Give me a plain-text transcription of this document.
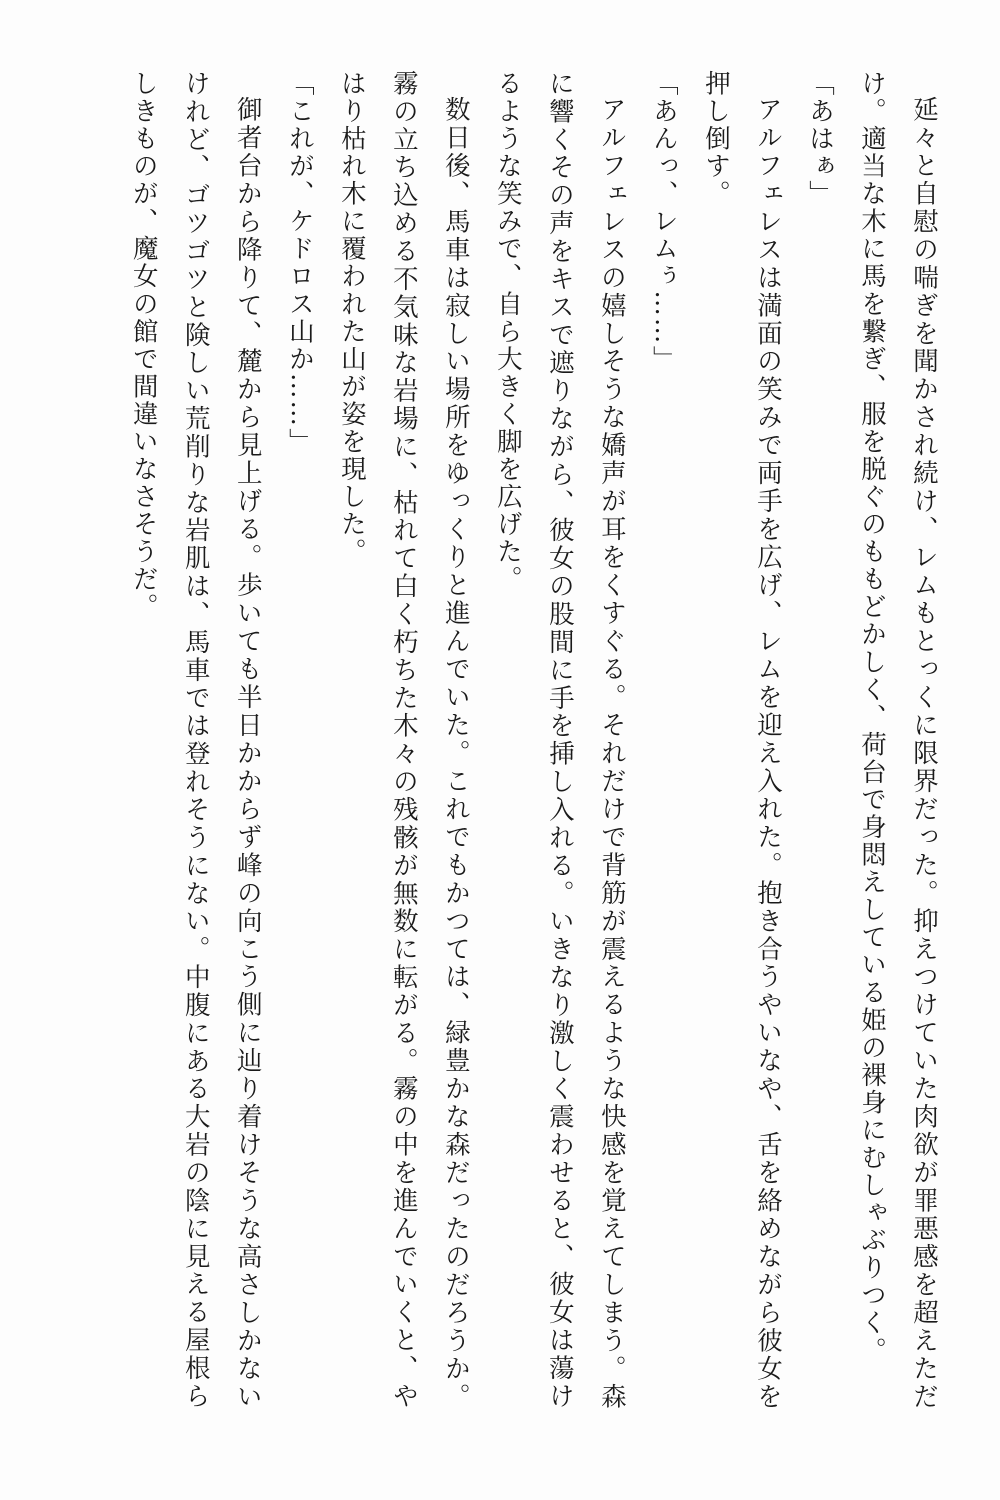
延々と自慰の喘ぎを聞かされ続け、レムもとっくに限界だった。抑えつけていた肉欲が罪悪感を超えただけ。適当な木に馬を繋ぎ、服を脱ぐのももどかしく、荷台で身悶えしている姫の裸身にむしゃぶりつく。

「あはぁ」

アルフェレスは満面の笑みで両手を広げ、レムを迎え入れた。抱き合うやいなや、舌を絡めながら彼女を押し倒す。

「あんっ、レムぅ……」

アルフェレスの嬉しそうな嬌声が耳をくすぐる。それだけで背筋が震えるような快感を覚えてしまう。森に響くその声をキスで遮りながら、彼女の股間に手を挿し入れる。いきなり激しく震わせると、彼女は蕩けるような笑みで、自ら大きく脚を広げた。

数日後、馬車は寂しい場所をゆっくりと進んでいた。これでもかつては、緑豊かな森だったのだろうか。霧の立ち込める不気味な岩場に、枯れて白く朽ちた木々の残骸が無数に転がる。霧の中を進んでいくと、やはり枯れ木に覆われた山が姿を現した。

「これが、ケドロス山か……」

御者台から降りて、麓から見上げる。歩いても半日かからず峰の向こう側に辿り着けそうな高さしかないけれど、ゴツゴツと険しい荒削りな岩肌は、馬車では登れそうにない。中腹にある大岩の陰に見える屋根らしきものが、魔女の館で間違いなさそうだ。
